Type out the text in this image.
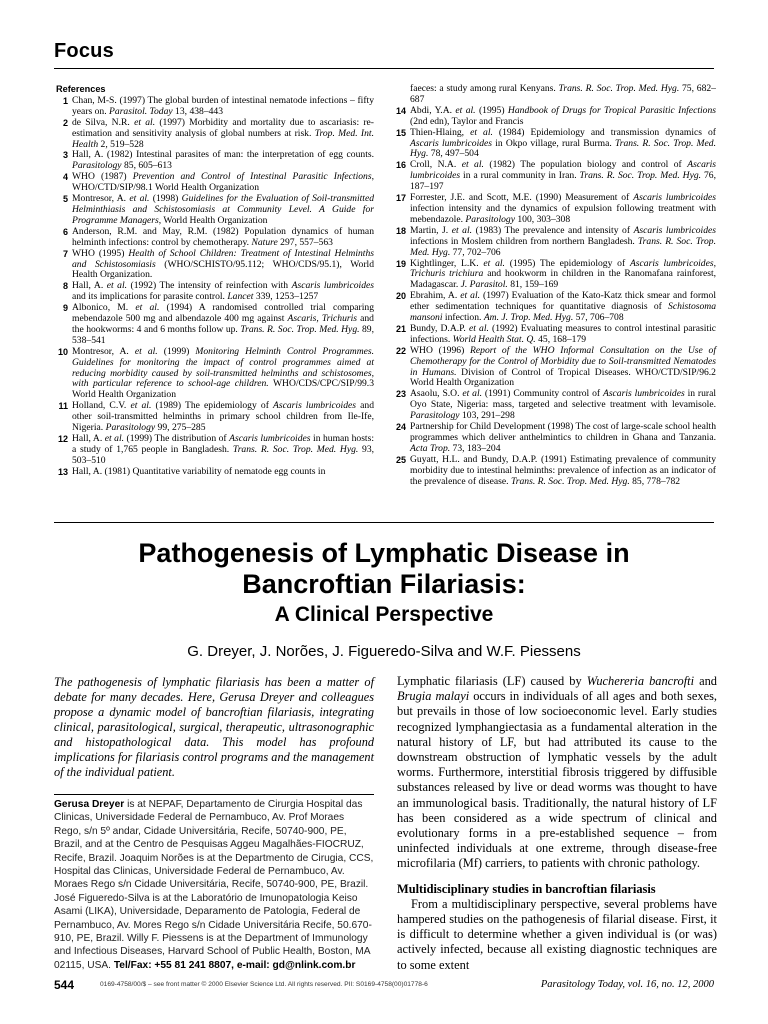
Focus
References
1 Chan, M-S. (1997) The global burden of intestinal nematode infections – fifty years on. Parasitol. Today 13, 438–443
2 de Silva, N.R. et al. (1997) Morbidity and mortality due to ascariasis: re-estimation and sensitivity analysis of global numbers at risk. Trop. Med. Int. Health 2, 519–528
3 Hall, A. (1982) Intestinal parasites of man: the interpretation of egg counts. Parasitology 85, 605–613
4 WHO (1987) Prevention and Control of Intestinal Parasitic Infections, WHO/CTD/SIP/98.1 World Health Organization
5 Montresor, A. et al. (1998) Guidelines for the Evaluation of Soil-transmitted Helminthiasis and Schistosomiasis at Community Level. A Guide for Programme Managers, World Health Organization
6 Anderson, R.M. and May, R.M. (1982) Population dynamics of human helminth infections: control by chemotherapy. Nature 297, 557–563
7 WHO (1995) Health of School Children: Treatment of Intestinal Helminths and Schistosomiasis (WHO/SCHISTO/95.112; WHO/CDS/95.1), World Health Organization.
8 Hall, A. et al. (1992) The intensity of reinfection with Ascaris lumbricoides and its implications for parasite control. Lancet 339, 1253–1257
9 Albonico, M. et al. (1994) A randomised controlled trial comparing mebendazole 500 mg and albendazole 400 mg against Ascaris, Trichuris and the hookworms: 4 and 6 months follow up. Trans. R. Soc. Trop. Med. Hyg. 89, 538–541
10 Montresor, A. et al. (1999) Monitoring Helminth Control Programmes. Guidelines for monitoring the impact of control programmes aimed at reducing morbidity caused by soil-transmitted helminths and schistosomes, with particular reference to school-age children. WHO/CDS/CPC/SIP/99.3 World Health Organization
11 Holland, C.V. et al. (1989) The epidemiology of Ascaris lumbricoides and other soil-transmitted helminths in primary school children from Ile-Ife, Nigeria. Parasitology 99, 275–285
12 Hall, A. et al. (1999) The distribution of Ascaris lumbricoides in human hosts: a study of 1,765 people in Bangladesh. Trans. R. Soc. Trop. Med. Hyg. 93, 503–510
13 Hall, A. (1981) Quantitative variability of nematode egg counts in
faeces: a study among rural Kenyans. Trans. R. Soc. Trop. Med. Hyg. 75, 682–687
14 Abdi, Y.A. et al. (1995) Handbook of Drugs for Tropical Parasitic Infections (2nd edn), Taylor and Francis
15 Thien-Hlaing, et al. (1984) Epidemiology and transmission dynamics of Ascaris lumbricoides in Okpo village, rural Burma. Trans. R. Soc. Trop. Med. Hyg. 78, 497–504
16 Croll, N.A. et al. (1982) The population biology and control of Ascaris lumbricoides in a rural community in Iran. Trans. R. Soc. Trop. Med. Hyg. 76, 187–197
17 Forrester, J.E. and Scott, M.E. (1990) Measurement of Ascaris lumbricoides infection intensity and the dynamics of expulsion following treatment with mebendazole. Parasitology 100, 303–308
18 Martin, J. et al. (1983) The prevalence and intensity of Ascaris lumbricoides infections in Moslem children from northern Bangladesh. Trans. R. Soc. Trop. Med. Hyg. 77, 702–706
19 Kightlinger, L.K. et al. (1995) The epidemiology of Ascaris lumbricoides, Trichuris trichiura and hookworm in children in the Ranomafana rainforest, Madagascar. J. Parasitol. 81, 159–169
20 Ebrahim, A. et al. (1997) Evaluation of the Kato-Katz thick smear and formol ether sedimentation techniques for quantitative diagnosis of Schistosoma mansoni infection. Am. J. Trop. Med. Hyg. 57, 706–708
21 Bundy, D.A.P. et al. (1992) Evaluating measures to control intestinal parasitic infections. World Health Stat. Q. 45, 168–179
22 WHO (1996) Report of the WHO Informal Consultation on the Use of Chemotherapy for the Control of Morbidity due to Soil-transmitted Nematodes in Humans. Division of Control of Tropical Diseases. WHO/CTD/SIP/96.2 World Health Organization
23 Asaolu, S.O. et al. (1991) Community control of Ascaris lumbricoides in rural Oyo State, Nigeria: mass, targeted and selective treatment with levamisole. Parasitology 103, 291–298
24 Partnership for Child Development (1998) The cost of large-scale school health programmes which deliver anthelmintics to children in Ghana and Tanzania. Acta Trop. 73, 183–204
25 Guyatt, H.L. and Bundy, D.A.P. (1991) Estimating prevalence of community morbidity due to intestinal helminths: prevalence of infection as an indicator of the prevalence of disease. Trans. R. Soc. Trop. Med. Hyg. 85, 778–782
Pathogenesis of Lymphatic Disease in
Bancroftian Filariasis:
A Clinical Perspective
G. Dreyer, J. Norões, J. Figueredo-Silva and W.F. Piessens
The pathogenesis of lymphatic filariasis has been a matter of debate for many decades. Here, Gerusa Dreyer and colleagues propose a dynamic model of bancroftian filariasis, integrating clinical, parasitological, surgical, therapeutic, ultrasonographic and histopathological data. This model has profound implications for filariasis control programs and the management of the individual patient.
Gerusa Dreyer is at NEPAF, Departamento de Cirurgia Hospital das Clinicas, Universidade Federal de Pernambuco, Av. Prof Moraes Rego, s/n 5º andar, Cidade Universitária, Recife, 50740-900, PE, Brazil, and at the Centro de Pesquisas Aggeu Magalhães-FIOCRUZ, Recife, Brazil. Joaquim Norões is at the Departmento de Cirugia, CCS, Hospital das Clinicas, Universidade Federal de Pernambuco, Av. Moraes Rego s/n Cidade Universitária, Recife, 50740-900, PE, Brazil. José Figueredo-Silva is at the Laboratório de Imunopatologia Keiso Asami (LIKA), Universidade, Deparamento de Patologia, Federal de Pernambuco, Av. Mores Rego s/n Cidade Universitária Recife, 50.670-910, PE, Brazil. Willy F. Piessens is at the Department of Immunology and Infectious Diseases, Harvard School of Public Health, Boston, MA 02115, USA. Tel/Fax: +55 81 241 8807, e-mail: gd@nlink.com.br

Lymphatic filariasis (LF) caused by Wuchereria bancrofti and Brugia malayi occurs in individuals of all ages and both sexes, but prevails in those of low socioeconomic level. Early studies recognized lymphangiectasia as a fundamental alteration in the natural history of LF, but had attributed its cause to the downstream obstruction of lymphatic vessels by the adult worms. Furthermore, interstitial fibrosis triggered by diffusible substances released by live or dead worms was thought to have an immunological basis. Traditionally, the natural history of LF has been considered as a wide spectrum of clinical and evolutionary forms in a pre-established sequence – from uninfected individuals at one extreme, through disease-free microfilaria (Mf) carriers, to patients with chronic pathology.

Multidisciplinary studies in bancroftian filariasis

From a multidisciplinary perspective, several problems have hampered studies on the pathogenesis of filarial disease. First, it is difficult to determine whether a given individual is (or was) actively infected, because all existing diagnostic techniques are to some extent

544	0169-4758/00/$ – see front matter © 2000 Elsevier Science Ltd. All rights reserved. PII: S0169-4758(00)01778-6	Parasitology Today, vol. 16, no. 12, 2000
